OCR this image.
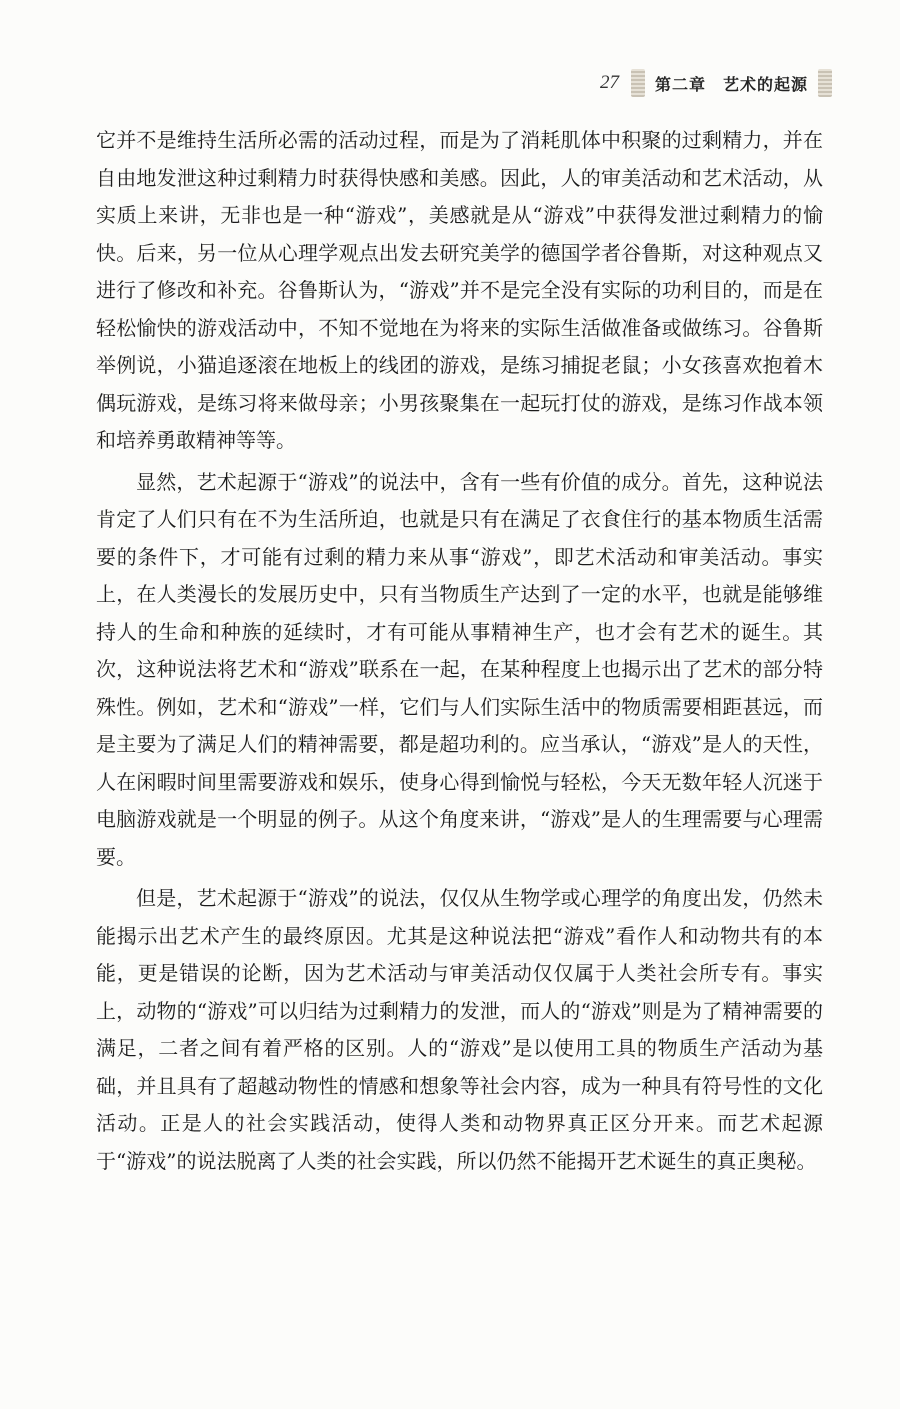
27 第二章　艺术的起源

它并不是维持生活所必需的活动过程，而是为了消耗肌体中积聚的过剩精力，并在自由地发泄这种过剩精力时获得快感和美感。因此，人的审美活动和艺术活动，从实质上来讲，无非也是一种“游戏”，美感就是从“游戏”中获得发泄过剩精力的愉快。后来，另一位从心理学观点出发去研究美学的德国学者谷鲁斯，对这种观点又进行了修改和补充。谷鲁斯认为，“游戏”并不是完全没有实际的功利目的，而是在轻松愉快的游戏活动中，不知不觉地在为将来的实际生活做准备或做练习。谷鲁斯举例说，小猫追逐滚在地板上的线团的游戏，是练习捕捉老鼠；小女孩喜欢抱着木偶玩游戏，是练习将来做母亲；小男孩聚集在一起玩打仗的游戏，是练习作战本领和培养勇敢精神等等。

显然，艺术起源于“游戏”的说法中，含有一些有价值的成分。首先，这种说法肯定了人们只有在不为生活所迫，也就是只有在满足了衣食住行的基本物质生活需要的条件下，才可能有过剩的精力来从事“游戏”，即艺术活动和审美活动。事实上，在人类漫长的发展历史中，只有当物质生产达到了一定的水平，也就是能够维持人的生命和种族的延续时，才有可能从事精神生产，也才会有艺术的诞生。其次，这种说法将艺术和“游戏”联系在一起，在某种程度上也揭示出了艺术的部分特殊性。例如，艺术和“游戏”一样，它们与人们实际生活中的物质需要相距甚远，而是主要为了满足人们的精神需要，都是超功利的。应当承认，“游戏”是人的天性，人在闲暇时间里需要游戏和娱乐，使身心得到愉悦与轻松，今天无数年轻人沉迷于电脑游戏就是一个明显的例子。从这个角度来讲，“游戏”是人的生理需要与心理需要。

但是，艺术起源于“游戏”的说法，仅仅从生物学或心理学的角度出发，仍然未能揭示出艺术产生的最终原因。尤其是这种说法把“游戏”看作人和动物共有的本能，更是错误的论断，因为艺术活动与审美活动仅仅属于人类社会所专有。事实上，动物的“游戏”可以归结为过剩精力的发泄，而人的“游戏”则是为了精神需要的满足，二者之间有着严格的区别。人的“游戏”是以使用工具的物质生产活动为基础，并且具有了超越动物性的情感和想象等社会内容，成为一种具有符号性的文化活动。正是人的社会实践活动，使得人类和动物界真正区分开来。而艺术起源于“游戏”的说法脱离了人类的社会实践，所以仍然不能揭开艺术诞生的真正奥秘。
